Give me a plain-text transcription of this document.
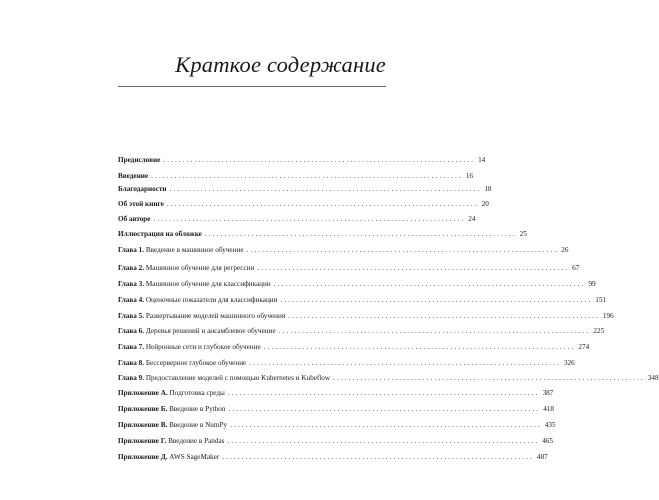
Краткое содержание
Предисловие ................................................................................ 14
Введение ................................................................................ 16
Благодарности ................................................................................ 18
Об этой книге ................................................................................ 20
Об авторе ................................................................................ 24
Иллюстрация на обложке ................................................................................ 25
Глава 1. Введение в машинное обучение ................................................................................ 26
Глава 2. Машинное обучение для регрессии ................................................................................ 67
Глава 3. Машинное обучение для классификации ................................................................................ 99
Глава 4. Оценочные показатели для классификации ................................................................................ 151
Глава 5. Развертывание моделей машинного обучения ................................................................................ 196
Глава 6. Деревья решений и ансамблевое обучение ................................................................................ 225
Глава 7. Нейронные сети и глубокое обучение ................................................................................ 274
Глава 8. Бессерверное глубокое обучение ................................................................................ 326
Глава 9. Предоставление моделей с помощью Kubernetes и Kubeflow ................................................................................ 348
Приложение А. Подготовка среды ................................................................................ 387
Приложение Б. Введение в Python ................................................................................ 418
Приложение В. Введение в NumPy ................................................................................ 435
Приложение Г. Введение в Pandas ................................................................................ 465
Приложение Д. AWS SageMaker ................................................................................ 487
